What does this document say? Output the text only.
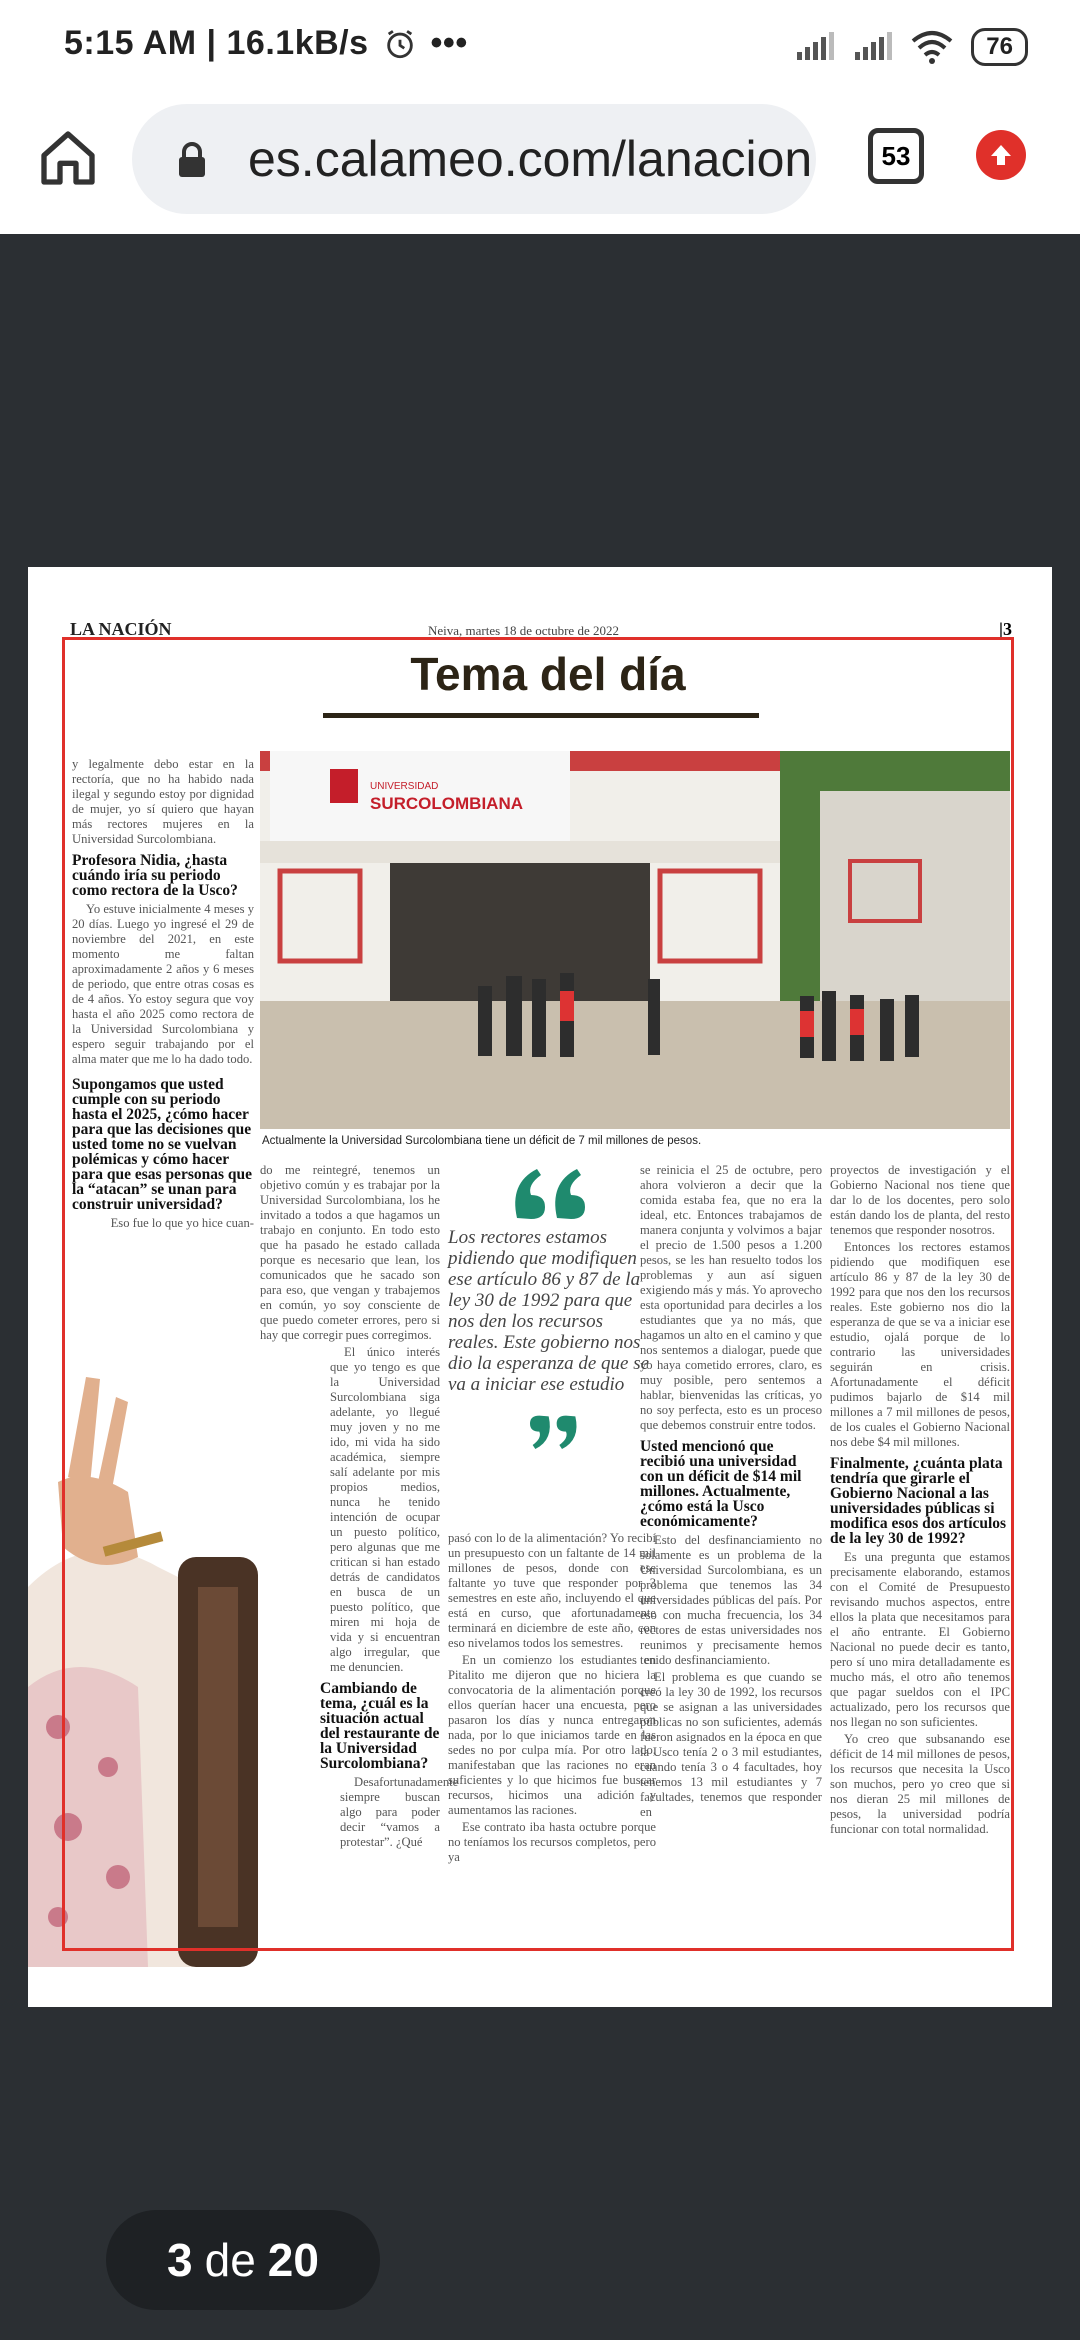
5:15 AM | 16.1kB/s •••	76
es.calameo.com/lanacion	53
LA NACIÓN	Neiva, martes 18 de octubre de 2022	|3
Tema del día
UNIVERSIDAD
SURCOLOMBIANA
Actualmente la Universidad Surcolombiana tiene un déficit de 7 mil millones de pesos.

y legalmente debo estar en la rectoría, que no ha habido nada ilegal y segundo estoy por dignidad de mujer, yo sí quiero que hayan más rectores mujeres en la Universidad Surcolombiana.

Profesora Nidia, ¿hasta cuándo iría su periodo como rectora de la Usco?

Yo estuve inicialmente 4 meses y 20 días. Luego yo ingresé el 29 de noviembre del 2021, en este momento me faltan aproximadamente 2 años y 6 meses de periodo, que entre otras cosas es de 4 años. Yo estoy segura que voy hasta el año 2025 como rectora de la Universidad Surcolombiana y espero seguir trabajando por el alma mater que me lo ha dado todo.

Supongamos que usted cumple con su periodo hasta el 2025, ¿cómo hacer para que las decisiones que usted tome no se vuelvan polémicas y cómo hacer para que esas personas que la “atacan” se unan para construir universidad?

Eso fue lo que yo hice cuan-

do me reintegré, tenemos un objetivo común y es trabajar por la Universidad Surcolombiana, los he invitado a todos a que hagamos un trabajo en conjunto. En todo esto que ha pasado he estado callada porque es necesario que lean, los comunicados que he sacado son para eso, que vengan y trabajemos en común, yo soy consciente de que puedo cometer errores, pero si hay que corregir pues corregimos.

El único interés que yo tengo es que la Universidad Surcolombiana siga adelante, yo llegué muy joven y no me ido, mi vida ha sido académica, siempre salí adelante por mis propios medios, nunca he tenido intención de ocupar un puesto político, pero algunas que me critican si han estado detrás de candidatos en busca de un puesto político, que miren mi hoja de vida y si encuentran algo irregular, que me denuncien.

Cambiando de tema, ¿cuál es la situación actual del restaurante de la Universidad Surcolombiana?

Desafortunadamente siempre buscan algo para poder decir “vamos a protestar”. ¿Qué

Los rectores estamos pidiendo que modifiquen ese artículo 86 y 87 de la ley 30 de 1992 para que nos den los recursos reales. Este gobierno nos dio la esperanza de que se va a iniciar ese estudio

pasó con lo de la alimentación? Yo recibí un presupuesto con un faltante de 14 mil millones de pesos, donde con ese faltante yo tuve que responder por 3 semestres en este año, incluyendo el que está en curso, que afortunadamente terminará en diciembre de este año, con eso nivelamos todos los semestres.

En un comienzo los estudiantes en Pitalito me dijeron que no hiciera la convocatoria de la alimentación porque ellos querían hacer una encuesta, pero pasaron los días y nunca entregaron nada, por lo que iniciamos tarde en las sedes no por culpa mía. Por otro lado, manifestaban que las raciones no eran suficientes y lo que hicimos fue buscar recursos, hicimos una adición y aumentamos las raciones.

Ese contrato iba hasta octubre porque no teníamos los recursos completos, pero ya

se reinicia el 25 de octubre, pero ahora volvieron a decir que la comida estaba fea, que no era la ideal, etc. Entonces trabajamos de manera conjunta y volvimos a bajar el precio de 1.500 pesos a 1.200 pesos, se les han resuelto todos los problemas y aun así siguen exigiendo más y más. Yo aprovecho esta oportunidad para decirles a los estudiantes que ya no más, que hagamos un alto en el camino y que nos sentemos a dialogar, puede que yo haya cometido errores, claro, es muy posible, pero sentemos a hablar, bienvenidas las críticas, yo no soy perfecta, esto es un proceso que debemos construir entre todos.

Usted mencionó que recibió una universidad con un déficit de $14 mil millones. Actualmente, ¿cómo está la Usco económicamente?

Esto del desfinanciamiento no solamente es un problema de la Universidad Surcolombiana, es un problema que tenemos las 34 universidades públicas del país. Por eso con mucha frecuencia, los 34 rectores de estas universidades nos reunimos y precisamente hemos tenido desfinanciamiento.

El problema es que cuando se creó la ley 30 de 1992, los recursos que se asignan a las universidades públicas no son suficientes, además fueron asignados en la época en que la Usco tenía 2 o 3 mil estudiantes, cuando tenía 3 o 4 facultades, hoy tenemos 13 mil estudiantes y 7 facultades, tenemos que responder en

proyectos de investigación y el Gobierno Nacional nos tiene que dar lo de los docentes, pero solo están dando los de planta, del resto tenemos que responder nosotros.

Entonces los rectores estamos pidiendo que modifiquen ese artículo 86 y 87 de la ley 30 de 1992 para que nos den los recursos reales. Este gobierno nos dio la esperanza de que se va a iniciar ese estudio, ojalá porque de lo contrario las universidades seguirán en crisis. Afortunadamente el déficit pudimos bajarlo de $14 mil millones a 7 mil millones de pesos, de los cuales el Gobierno Nacional nos debe $4 mil millones.

Finalmente, ¿cuánta plata tendría que girarle el Gobierno Nacional a las universidades públicas si modifica esos dos artículos de la ley 30 de 1992?

Es una pregunta que estamos precisamente elaborando, estamos con el Comité de Presupuesto revisando muchos aspectos, entre ellos la plata que necesitamos para el año entrante. El Gobierno Nacional no puede decir es tanto, pero sí uno mira detalladamente es mucho más, el otro año tenemos que pagar sueldos con el IPC actualizado, pero los recursos que nos llegan no son suficientes.

Yo creo que subsanando ese déficit de 14 mil millones de pesos, los recursos que necesita la Usco son muchos, pero yo creo que si nos dieran 25 mil millones de pesos, la universidad podría funcionar con total normalidad.

3 de 20
